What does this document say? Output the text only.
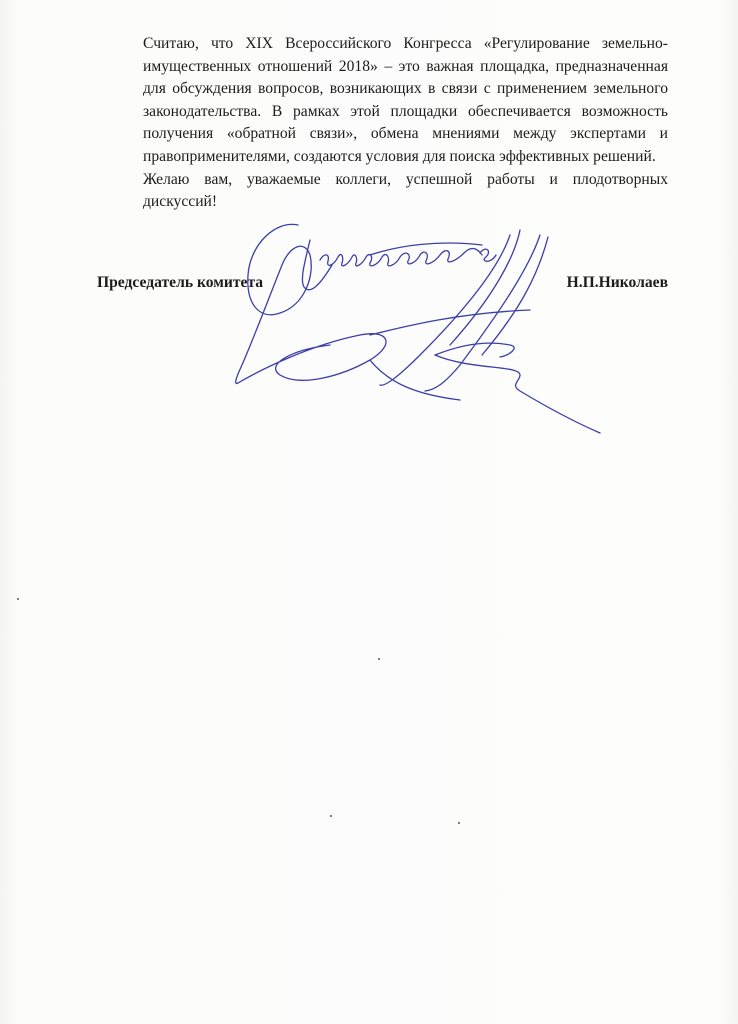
Считаю, что XIX Всероссийского Конгресса «Регулирование земельно-
имущественных отношений 2018» – это важная площадка, предназначенная
для обсуждения вопросов, возникающих в связи с применением земельного
законодательства. В рамках этой площадки обеспечивается возможность
получения «обратной связи», обмена мнениями между экспертами и
правоприменителями, создаются условия для поиска эффективных решений.
Желаю вам, уважаемые коллеги, успешной работы и плодотворных
дискуссий!
Председатель комитета	Н.П.Николаев
